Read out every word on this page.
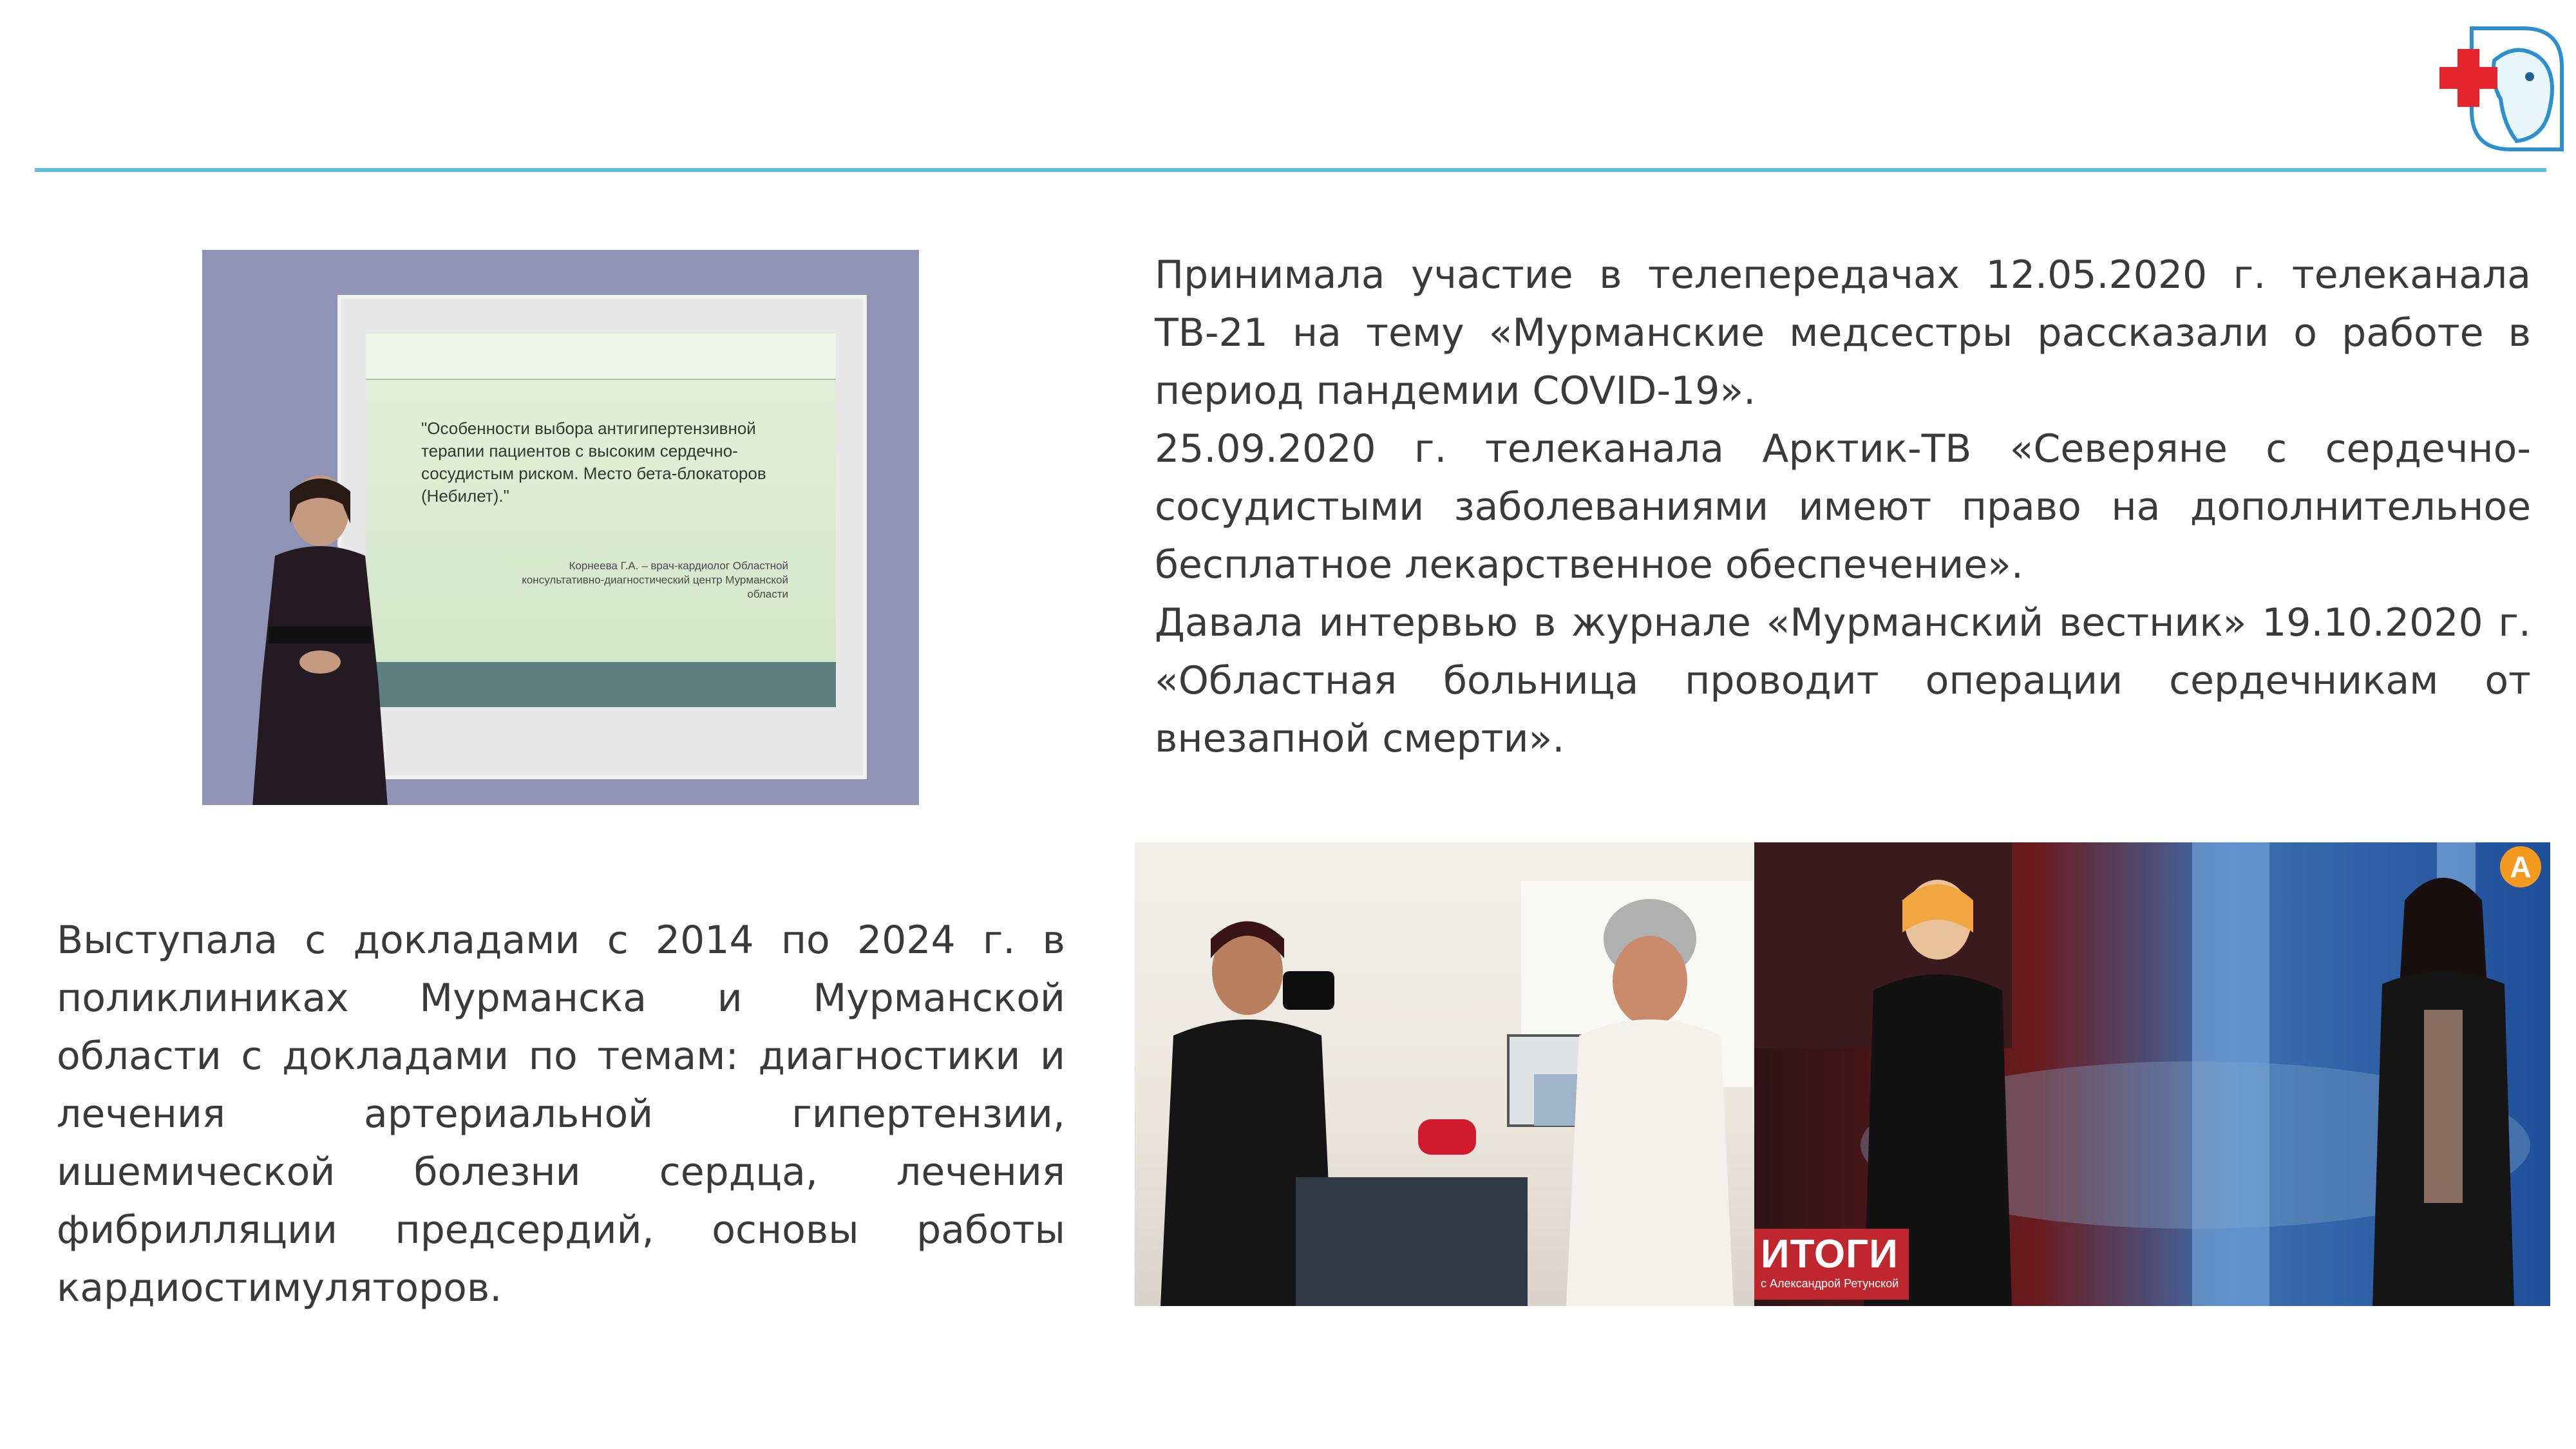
"Особенности выбора антигипертензивной терапии пациентов с высоким сердечно-сосудистым риском. Место бета-блокаторов (Небилет)."
Корнеева Г.А. – врач-кардиолог Областной консультативно-диагностический центр Мурманской области

Принимала участие в телепередачах 12.05.2020 г. телеканала ТВ-21 на тему «Мурманские медсестры рассказали о работе в период пандемии COVID-19».

25.09.2020 г. телеканала Арктик-ТВ «Северяне с сердечно-сосудистыми заболеваниями имеют право на дополнительное бесплатное лекарственное обеспечение».

Давала интервью в журнале «Мурманский вестник» 19.10.2020 г. «Областная больница проводит операции сердечникам от внезапной смерти».

Выступала с докладами с 2014 по 2024 г. в поликлиниках Мурманска и Мурманской области с докладами по темам: диагностики и лечения артериальной гипертензии, ишемической болезни сердца, лечения фибрилляции предсердий, основы работы кардиостимуляторов.

ИТОГИ
с Александрой Ретунской
А
